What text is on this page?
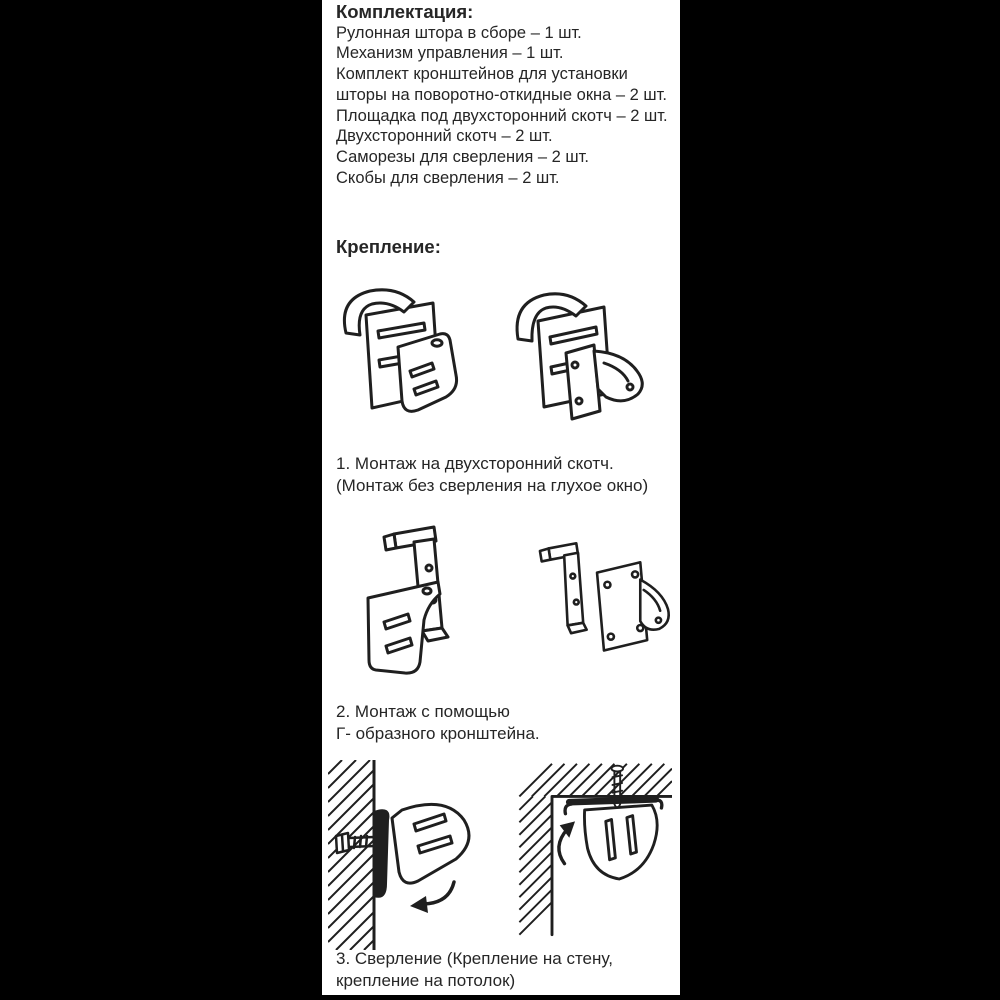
Комплектация:
Рулонная штора в сборе – 1 шт.
Механизм управления – 1 шт.
Комплект кронштейнов для установки
шторы на поворотно-откидные окна – 2 шт.
Площадка под двухсторонний скотч – 2 шт.
Двухсторонний скотч – 2 шт.
Саморезы для сверления – 2 шт.
Скобы для сверления – 2 шт.
Крепление:
1. Монтаж на двухсторонний скотч.
(Монтаж без сверления на глухое окно)
2. Монтаж с помощью
Г- образного кронштейна.
3. Сверление (Крепление на стену,
крепление на потолок)
